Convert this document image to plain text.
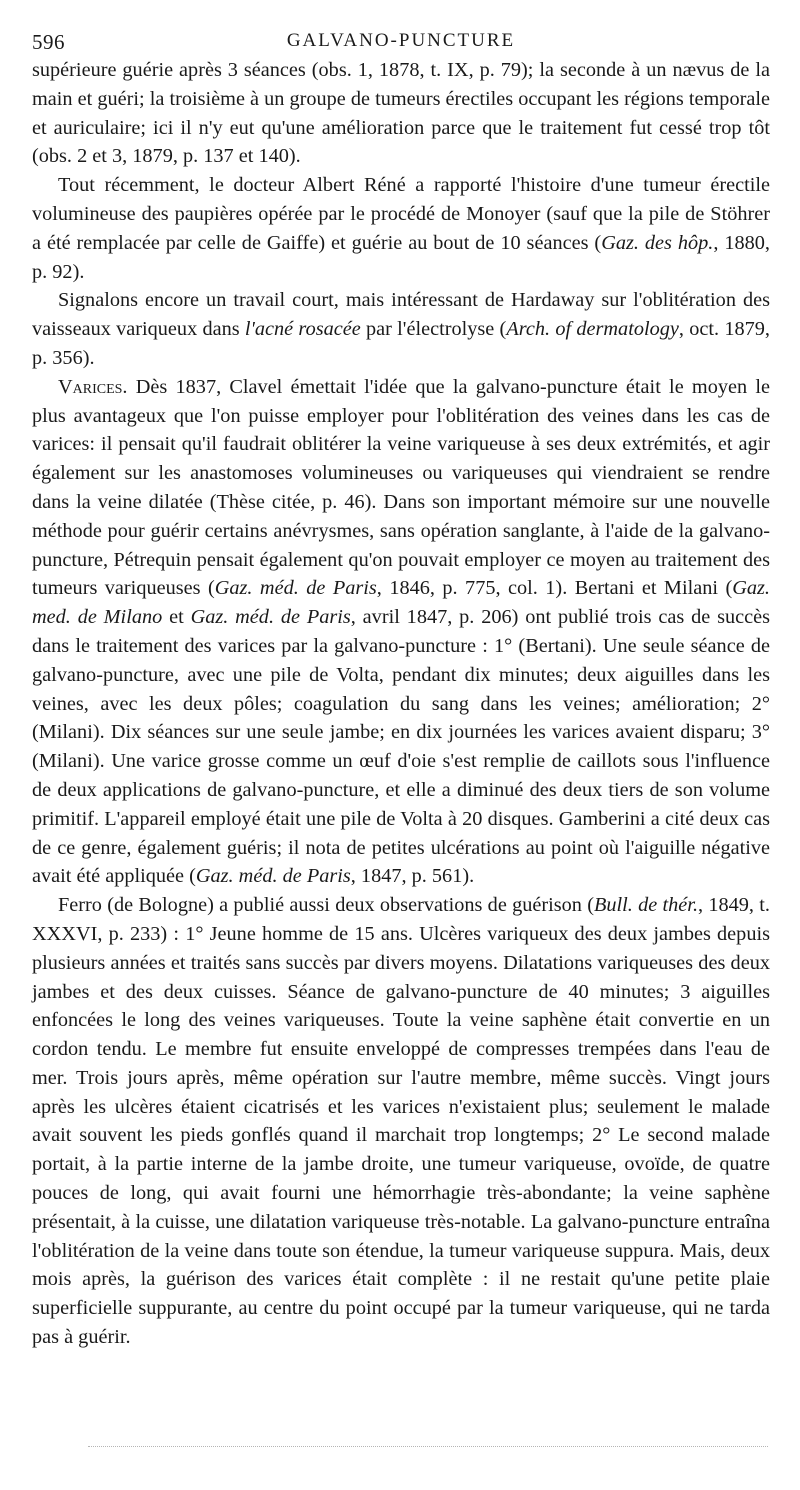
596	GALVANO-PUNCTURE

supérieure guérie après 3 séances (obs. 1, 1878, t. IX, p. 79); la seconde à un nævus de la main et guéri; la troisième à un groupe de tumeurs érectiles occupant les régions temporale et auriculaire; ici il n'y eut qu'une amélioration parce que le traitement fut cessé trop tôt (obs. 2 et 3, 1879, p. 137 et 140).

Tout récemment, le docteur Albert Réné a rapporté l'histoire d'une tumeur érectile volumineuse des paupières opérée par le procédé de Monoyer (sauf que la pile de Stöhrer a été remplacée par celle de Gaiffe) et guérie au bout de 10 séances (Gaz. des hôp., 1880, p. 92).

Signalons encore un travail court, mais intéressant de Hardaway sur l'oblitération des vaisseaux variqueux dans l'acné rosacée par l'électrolyse (Arch. of dermatology, oct. 1879, p. 356).

Varices. Dès 1837, Clavel émettait l'idée que la galvano-puncture était le moyen le plus avantageux que l'on puisse employer pour l'oblitération des veines dans les cas de varices: il pensait qu'il faudrait oblitérer la veine variqueuse à ses deux extrémités, et agir également sur les anastomoses volumineuses ou variqueuses qui viendraient se rendre dans la veine dilatée (Thèse citée, p. 46). Dans son important mémoire sur une nouvelle méthode pour guérir certains anévrysmes, sans opération sanglante, à l'aide de la galvano-puncture, Pétrequin pensait également qu'on pouvait employer ce moyen au traitement des tumeurs variqueuses (Gaz. méd. de Paris, 1846, p. 775, col. 1). Bertani et Milani (Gaz. med. de Milano et Gaz. méd. de Paris, avril 1847, p. 206) ont publié trois cas de succès dans le traitement des varices par la galvano-puncture : 1° (Bertani). Une seule séance de galvano-puncture, avec une pile de Volta, pendant dix minutes; deux aiguilles dans les veines, avec les deux pôles; coagulation du sang dans les veines; amélioration; 2° (Milani). Dix séances sur une seule jambe; en dix journées les varices avaient disparu; 3° (Milani). Une varice grosse comme un œuf d'oie s'est remplie de caillots sous l'influence de deux applications de galvano-puncture, et elle a diminué des deux tiers de son volume primitif. L'appareil employé était une pile de Volta à 20 disques. Gamberini a cité deux cas de ce genre, également guéris; il nota de petites ulcérations au point où l'aiguille négative avait été appliquée (Gaz. méd. de Paris, 1847, p. 561).

Ferro (de Bologne) a publié aussi deux observations de guérison (Bull. de thér., 1849, t. XXXVI, p. 233) : 1° Jeune homme de 15 ans. Ulcères variqueux des deux jambes depuis plusieurs années et traités sans succès par divers moyens. Dilatations variqueuses des deux jambes et des deux cuisses. Séance de galvano-puncture de 40 minutes; 3 aiguilles enfoncées le long des veines variqueuses. Toute la veine saphène était convertie en un cordon tendu. Le membre fut ensuite enveloppé de compresses trempées dans l'eau de mer. Trois jours après, même opération sur l'autre membre, même succès. Vingt jours après les ulcères étaient cicatrisés et les varices n'existaient plus; seulement le malade avait souvent les pieds gonflés quand il marchait trop longtemps; 2° Le second malade portait, à la partie interne de la jambe droite, une tumeur variqueuse, ovoïde, de quatre pouces de long, qui avait fourni une hémorrhagie très-abondante; la veine saphène présentait, à la cuisse, une dilatation variqueuse très-notable. La galvano-puncture entraîna l'oblitération de la veine dans toute son étendue, la tumeur variqueuse suppura. Mais, deux mois après, la guérison des varices était complète : il ne restait qu'une petite plaie superficielle suppurante, au centre du point occupé par la tumeur variqueuse, qui ne tarda pas à guérir.
